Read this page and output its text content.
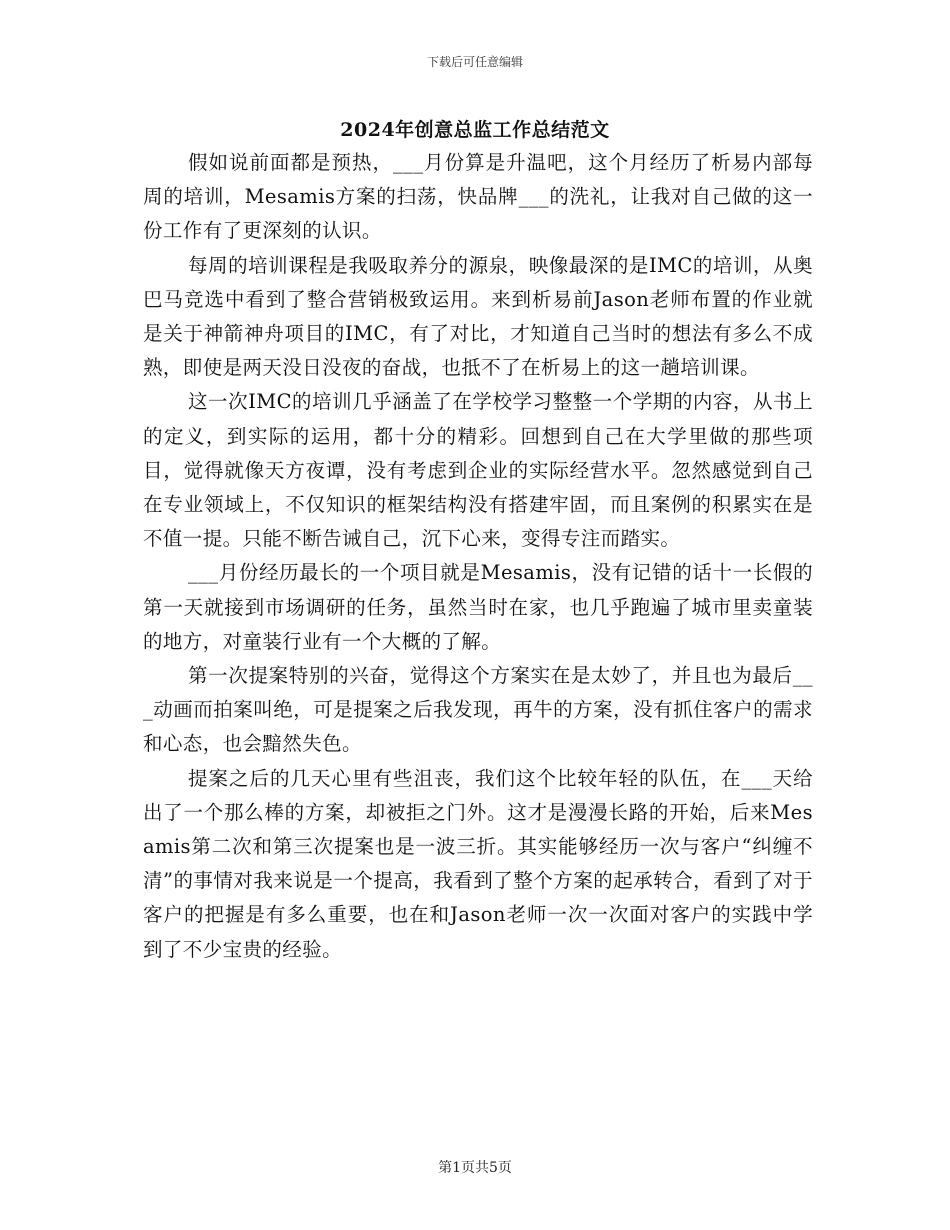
下载后可任意编辑
2024年创意总监工作总结范文

假如说前面都是预热，___月份算是升温吧，这个月经历了析易内部每周的培训，Mesamis方案的扫荡，快品牌___的洗礼，让我对自己做的这一份工作有了更深刻的认识。

每周的培训课程是我吸取养分的源泉，映像最深的是IMC的培训，从奥巴马竞选中看到了整合营销极致运用。来到析易前Jason老师布置的作业就是关于神箭神舟项目的IMC，有了对比，才知道自己当时的想法有多么不成熟，即使是两天没日没夜的奋战，也抵不了在析易上的这一趟培训课。

这一次IMC的培训几乎涵盖了在学校学习整整一个学期的内容，从书上的定义，到实际的运用，都十分的精彩。回想到自己在大学里做的那些项目，觉得就像天方夜谭，没有考虑到企业的实际经营水平。忽然感觉到自己在专业领域上，不仅知识的框架结构没有搭建牢固，而且案例的积累实在是不值一提。只能不断告诫自己，沉下心来，变得专注而踏实。

___月份经历最长的一个项目就是Mesamis，没有记错的话十一长假的第一天就接到市场调研的任务，虽然当时在家，也几乎跑遍了城市里卖童装的地方，对童装行业有一个大概的了解。

第一次提案特别的兴奋，觉得这个方案实在是太妙了，并且也为最后___动画而拍案叫绝，可是提案之后我发现，再牛的方案，没有抓住客户的需求和心态，也会黯然失色。

提案之后的几天心里有些沮丧，我们这个比较年轻的队伍，在___天给出了一个那么棒的方案，却被拒之门外。这才是漫漫长路的开始，后来Mesamis第二次和第三次提案也是一波三折。其实能够经历一次与客户“纠缠不清”的事情对我来说是一个提高，我看到了整个方案的起承转合，看到了对于客户的把握是有多么重要，也在和Jason老师一次一次面对客户的实践中学到了不少宝贵的经验。

第1页共5页
